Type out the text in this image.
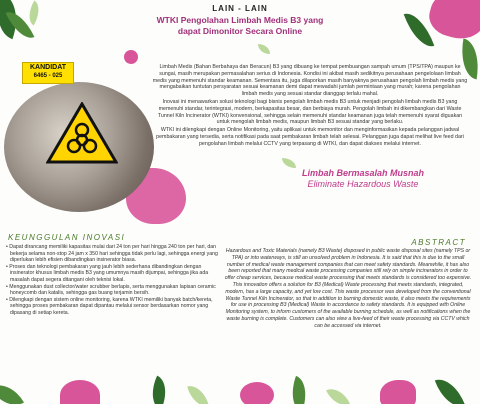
LAIN - LAIN
WTKI Pengolahan Limbah Medis B3 yang dapat Dimonitor Secara Online
KANDIDAT
6465 - 025

Limbah Medis (Bahan Berbahaya dan Beracun) B3 yang dibuang ke tempat pembuangan sampah umum (TPS/TPA) maupun ke sungai, masih merupakan permasalahan serius di Indonesia. Kondisi ini akibat masih sedikitnya perusahaan pengelolaan limbah medis yang memenuhi standar keamanan. Sementara itu, juga dilaporkan masih banyaknya perusahaan pengolah limbah medis yang mengabaikan tuntutan persyaratan sesuai keamanan demi dapat mewadahi jumlah permintaan yang murah; karena pengolahan limbah medis yang sesuai standar dianggap terlalu mahal.

Inovasi ini menawarkan solusi teknologi bagi bisnis pengolah limbah medis B3 untuk menjadi pengolah limbah medis B3 yang memenuhi standar, terintegrasi, modern, berkapasitas besar, dan berbiaya murah. Pengolah limbah ini dikembangkan dari Waste Tunnel Kiln Incinerator (WTKI) konvensional, sehingga selain memenuhi standar keamanan juga telah memenuhi syarat diguakan untuk mengolah limbah medis, maupun limbah B3 sesuai standar yang berlaku.

WTKI ini dilengkapi dengan Online Monitoring, yaitu aplikasi untuk memonitor dan menginformasikan kepada pelanggan jadwal pembakaran yang tersedia, serta notifikasi pada saat pembakaran limbah telah selesai. Pelanggan juga dapat melihat live feed dari pengolahan limbah melalui CCTV yang terpasang di WTKI, dan dapat diakses melalui internet.

Limbah Bermasalah Musnah
Eliminate Hazardous Waste
KEUNGGULAN INOVASI
• Dapat dirancang memiliki kapasitas mulai dari 24 ton per hari hingga 240 ton per hari, dan bekerja selama non-stop 24 jam x 350 hari sehingga tidak perlu lagi, sehingga energi yang diperlukan lebih efisien dibandingkan insinerator biasa.
• Proses dan teknologi pembakaran yang jauh lebih sederhana dibandingkan dengan insinerator khusus limbah medis B3 yang umumnya masih dijumpai, sehingga jika ada masalah dapat segera ditangani oleh teknisi lokal.
• Menggunakan dust collector/water scrubber berlapis, serta menggunakan lapisan ceramic honeycomb dan katalis, sehingga gas buang terjamin bersih.
• Dilengkapi dengan sistem online monitoring, karena WTKI memiliki banyak batch/kereta, sehingga proses pembakaran dapat dipantau melalui sensor berdasarkan nomor yang dipasang di setiap kereta.
ABSTRACT
Hazardous and Toxic Materials (namely B3 Waste) disposed in public waste disposal sites (namely TPS or TPA) or into waterways, is still an unsolved problem in Indonesia. It is said that this is due to the small number of medical waste management companies that can meet safety standards. Meanwhile, it has also been reported that many medical waste processing companies still rely on simple incinerators in order to offer cheap services, because medical waste processing that meets standards is considered too expensive. This innovation offers a solution for B3 (Medical) Waste processing that meets standards, integrated, modern, has a large capacity, and yet low cost. This waste processor was developed from the conventional Waste Tunnel Kiln Incinerator, so that in addition to burning domestic waste, it also meets the requirements for use in processing B3 (Medical) Waste in accordance to safety standards. It is equipped with Online Monitoring system, to inform customers of the available burning schedule, as well as notifications when the waste burning is complete. Customers can also view a live-feed of their waste processing via CCTV which can be accessed via internet.
